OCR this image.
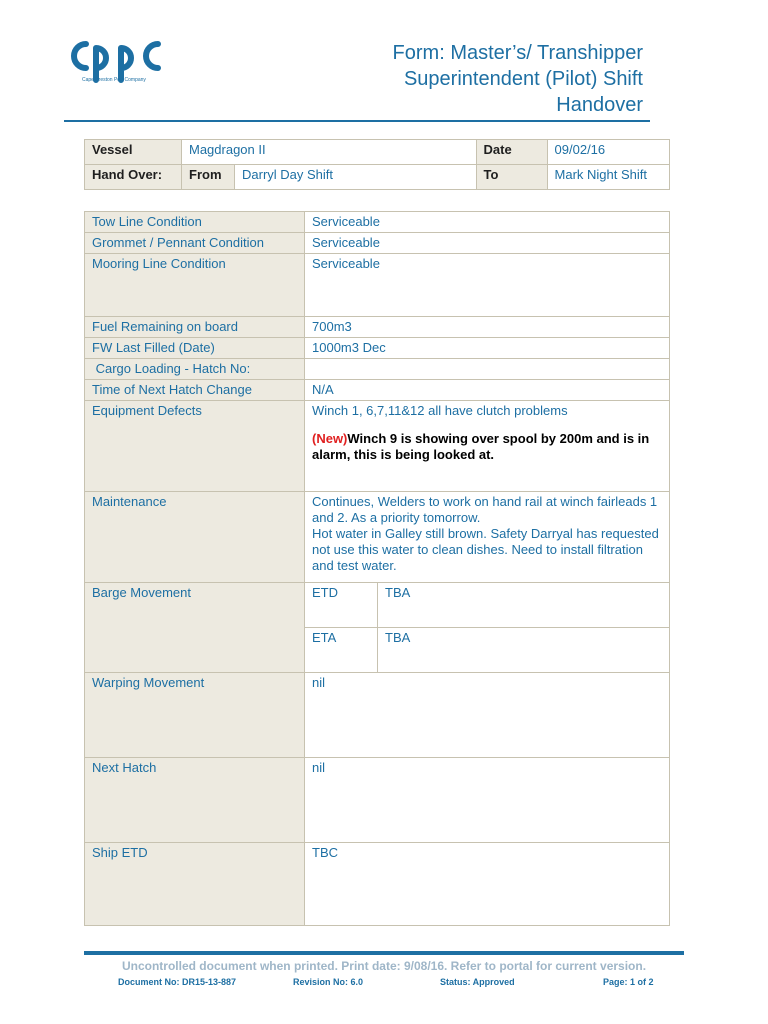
Cape Preston Port Company
Form: Master’s/ Transhipper
Superintendent (Pilot) Shift
Handover
Vessel	Magdragon II		Date	09/02/16
Hand Over:	From	Darryl Day Shift	To	Mark Night Shift
Tow Line Condition	Serviceable
Grommet / Pennant Condition	Serviceable
Mooring Line Condition	Serviceable
Fuel Remaining on board	700m3
FW Last Filled (Date)	1000m3 Dec
Cargo Loading - Hatch No:	
Time of Next Hatch Change	N/A
Equipment Defects	Winch 1, 6,7,11&12 all have clutch problems
(New)Winch 9 is showing over spool by 200m and is in alarm, this is being looked at.

Maintenance	Continues, Welders to work on hand rail at winch fairleads 1 and 2. As a priority tomorrow.
Hot water in Galley still brown. Safety Darryal has requested not use this water to clean dishes. Need to install filtration and test water.

Barge Movement		ETD	TBA
ETA	TBA

Warping Movement	nil
Next Hatch	nil
Ship ETD	TBC
Uncontrolled document when printed. Print date: 9/08/16. Refer to portal for current version.
Document No: DR15-13-887	Revision No: 6.0	Status: Approved	Page: 1 of 2
